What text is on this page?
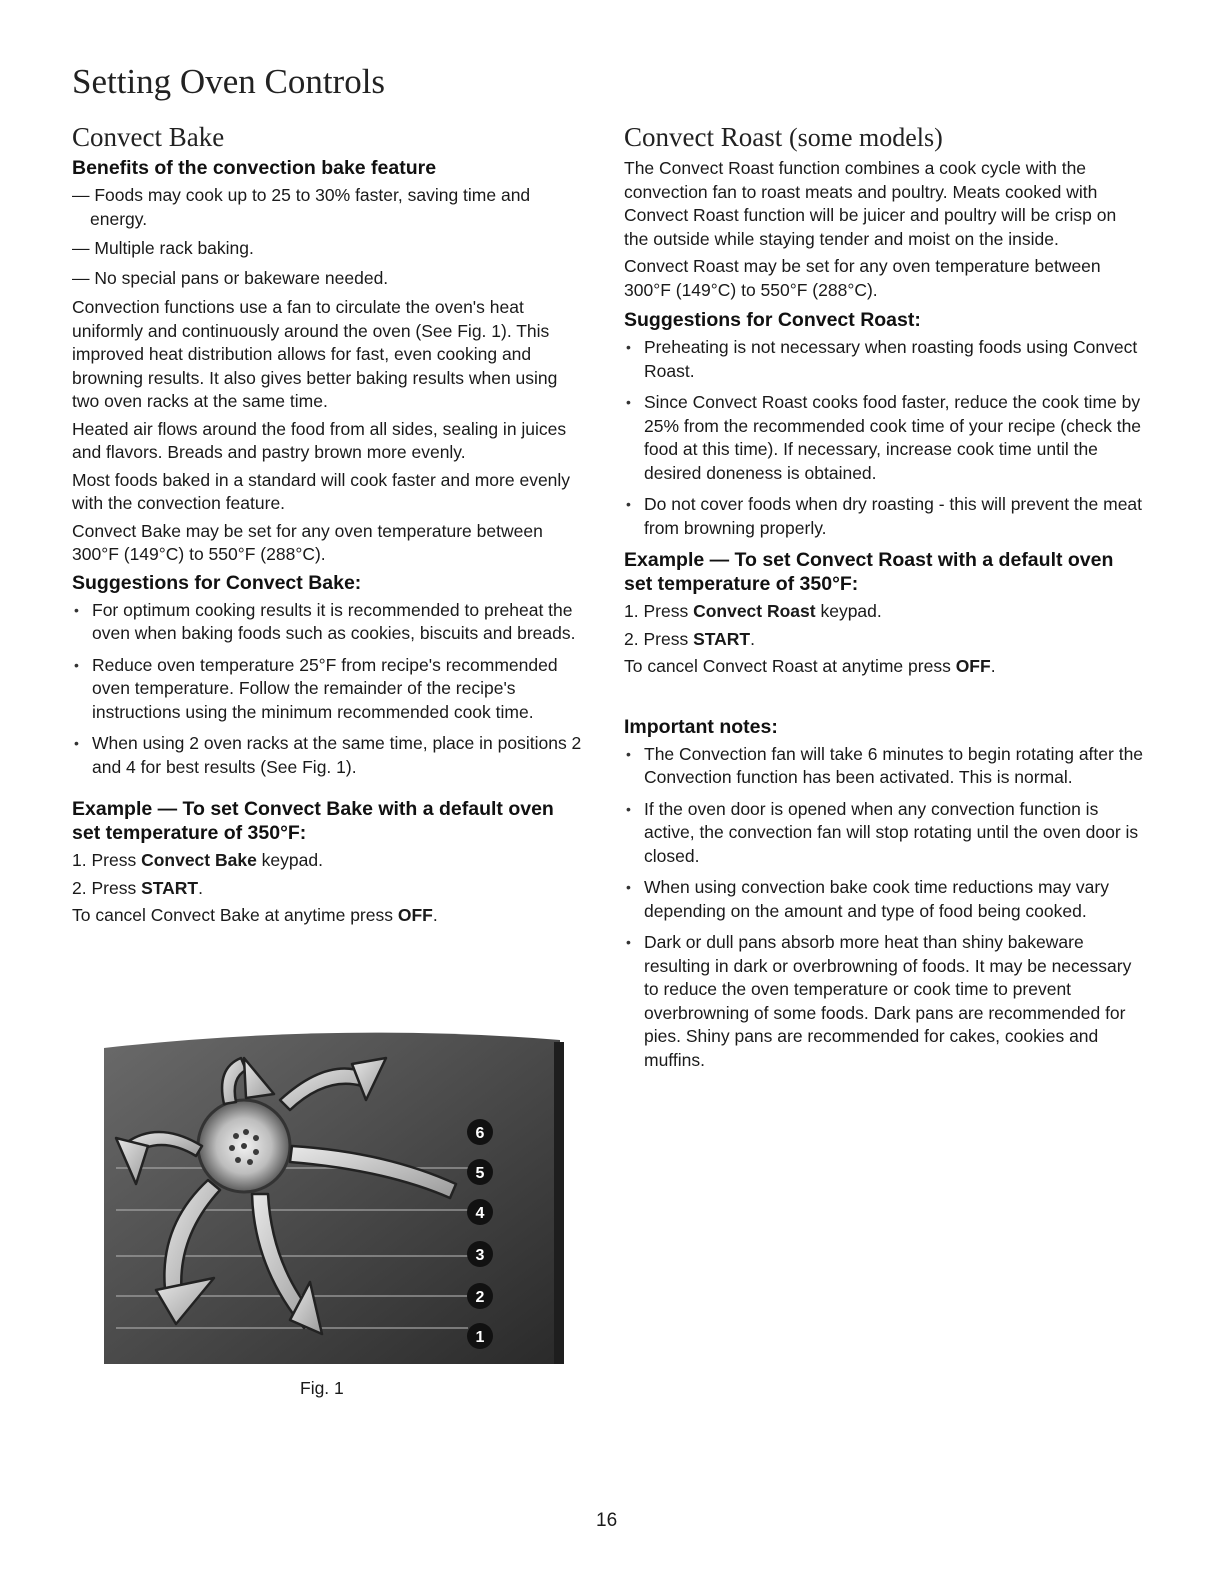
Setting Oven Controls
Convect Bake
Benefits of the convection bake feature

— Foods may cook up to 25 to 30% faster, saving time and energy.

— Multiple rack baking.

— No special pans or bakeware needed.

Convection functions use a fan to circulate the oven's heat uniformly and continuously around the oven (See Fig. 1). This improved heat distribution allows for fast, even cooking and browning results. It also gives better baking results when using two oven racks at the same time.

Heated air flows around the food from all sides, sealing in juices and flavors. Breads and pastry brown more evenly.

Most foods baked in a standard will cook faster and more evenly with the convection feature.

Convect Bake may be set for any oven temperature between 300°F (149°C) to 550°F (288°C).

Suggestions for Convect Bake:
• For optimum cooking results it is recommended to preheat the oven when baking foods such as cookies, biscuits and breads.
• Reduce oven temperature 25°F from recipe's recommended oven temperature. Follow the remainder of the recipe's instructions using the minimum recommended cook time.
• When using 2 oven racks at the same time, place in positions 2 and 4 for best results (See Fig. 1).
Example — To set Convect Bake with a default oven set temperature of 350°F:

1. Press Convect Bake keypad.

2. Press START.

To cancel Convect Bake at anytime press OFF.

Convect Roast (some models)

The Convect Roast function combines a cook cycle with the convection fan to roast meats and poultry. Meats cooked with Convect Roast function will be juicer and poultry will be crisp on the outside while staying tender and moist on the inside.

Convect Roast may be set for any oven temperature between 300°F (149°C) to 550°F (288°C).

Suggestions for Convect Roast:
• Preheating is not necessary when roasting foods using Convect Roast.
• Since Convect Roast cooks food faster, reduce the cook time by 25% from the recommended cook time of your recipe (check the food at this time). If necessary, increase cook time until the desired doneness is obtained.
• Do not cover foods when dry roasting - this will prevent the meat from browning properly.
Example — To set Convect Roast with a default oven set temperature of 350°F:

1. Press Convect Roast keypad.

2. Press START.

To cancel Convect Roast at anytime press OFF.

Important notes:
• The Convection fan will take 6 minutes to begin rotating after the Convection function has been activated. This is normal.
• If the oven door is opened when any convection function is active, the convection fan will stop rotating until the oven door is closed.
• When using convection bake cook time reductions may vary depending on the amount and type of food being cooked.
• Dark or dull pans absorb more heat than shiny bakeware resulting in dark or overbrowning of foods. It may be necessary to reduce the oven temperature or cook time to prevent overbrowning of some foods. Dark pans are recommended for pies. Shiny pans are recommended for cakes, cookies and muffins.
6
5
4
3
2
1
Fig. 1
16
